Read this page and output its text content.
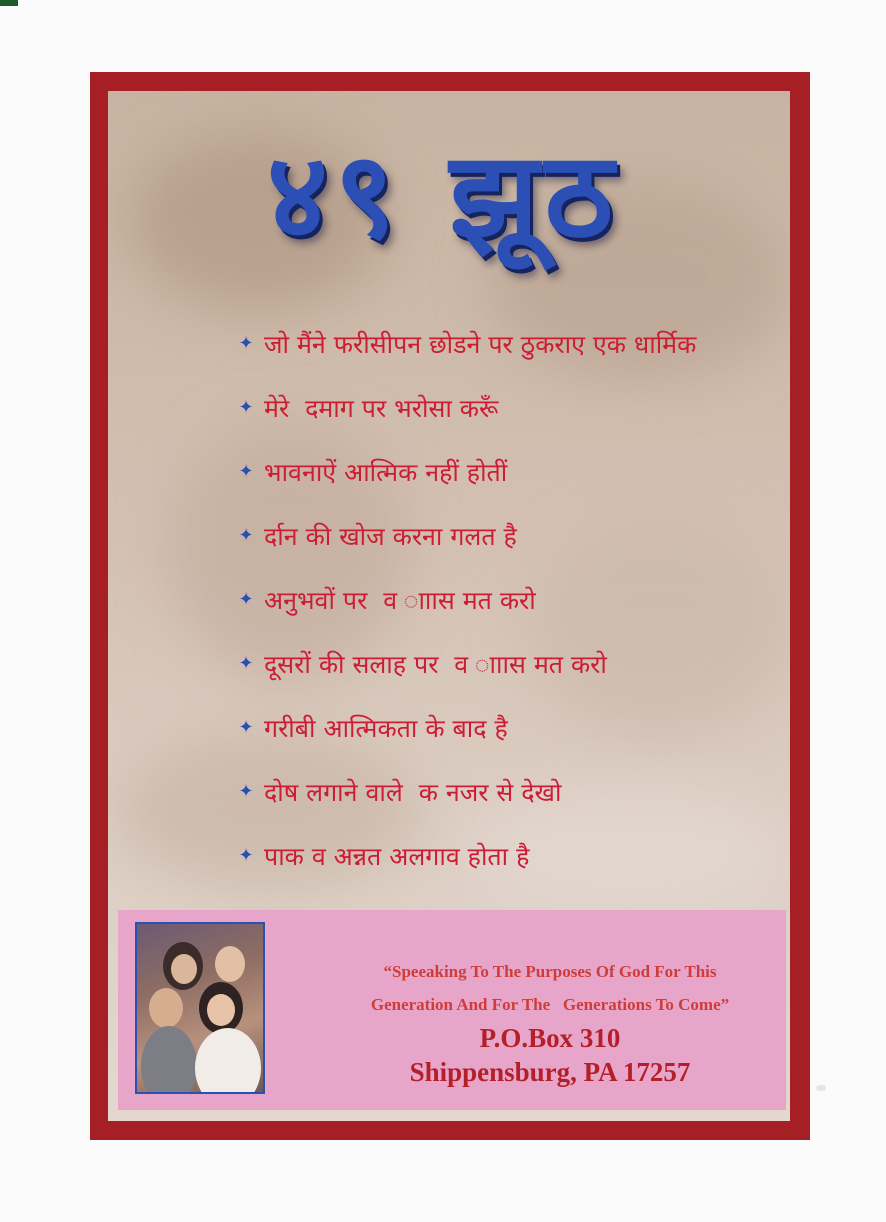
४९ झूठ
✦ जो मैंने फरीसीपन छोडने पर ठुकराए एक धार्मिक
✦ मेरे  दमाग पर भरोसा करूँ
✦ भावनाऐं आत्मिक नहीं होतीं
✦ र्दान की खोज करना गलत है
✦ अनुभवों पर  व ााास मत करो
✦ दूसरों की सलाह पर  व ााास मत करो
✦ गरीबी आत्मिकता के बाद है
✦ दोष लगाने वाले  क नजर से देखो
✦ पाक व अन्नत अलगाव होता है
“Speeaking To The Purposes Of God For This
Generation And For The   Generations To Come”
P.O.Box 310
Shippensburg, PA 17257
